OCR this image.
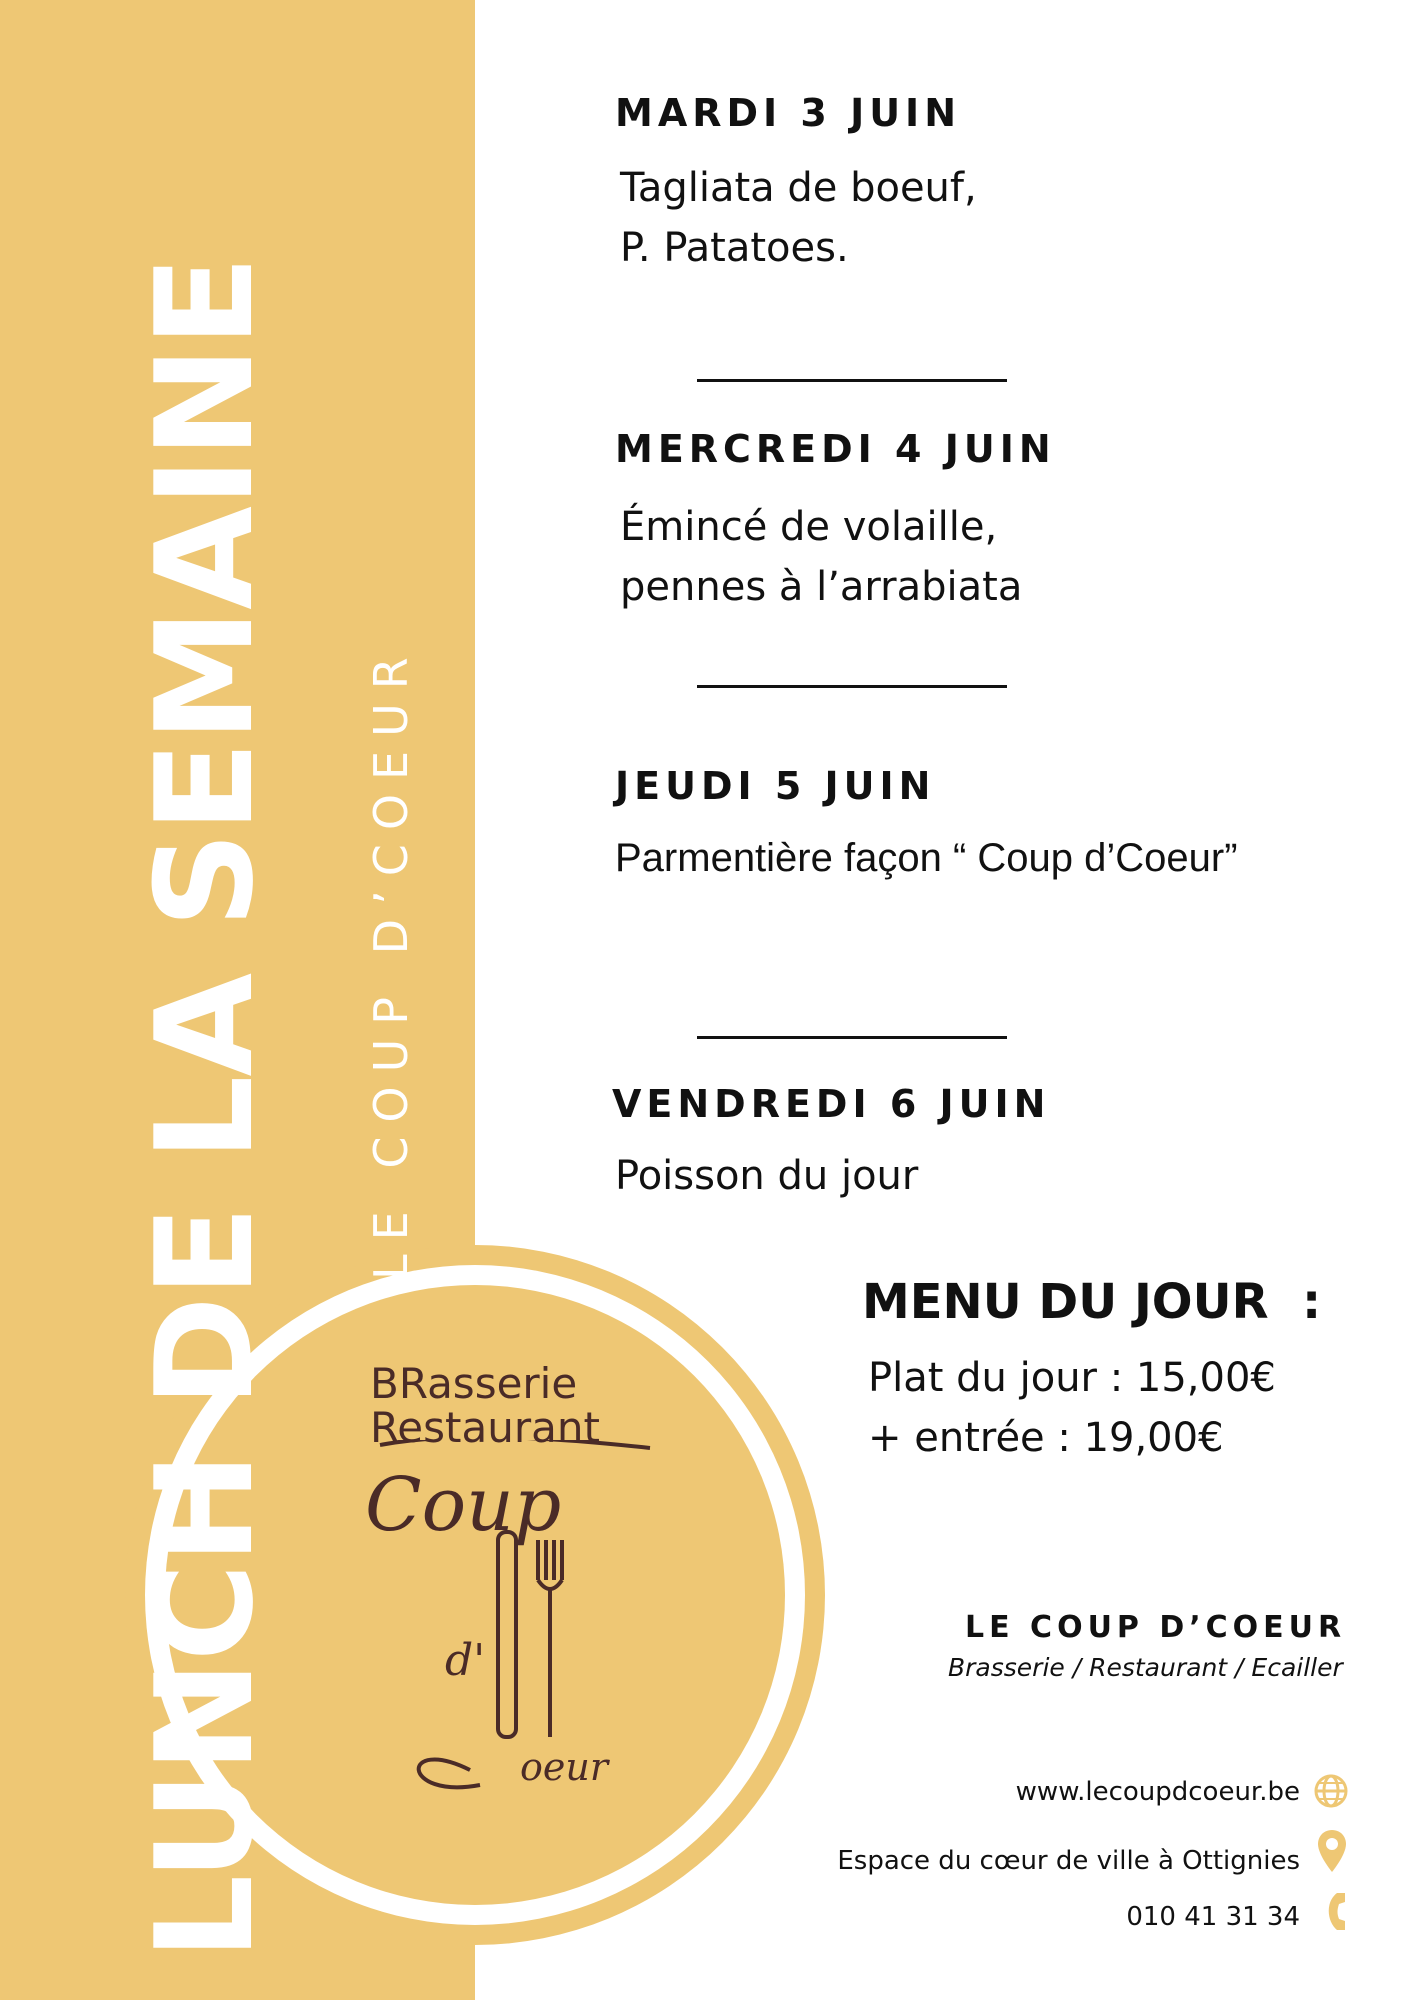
LUNCH DE LA SEMAINE LE COUP D’COEUR
MARDI 3 JUIN
Tagliata de boeuf,
P. Patatoes.
MERCREDI 4 JUIN
Émincé de volaille,
pennes à l’arrabiata
JEUDI 5 JUIN
Parmentière façon “ Coup d’Coeur”
VENDREDI 6 JUIN
Poisson du jour
MENU DU JOUR  :
Plat du jour : 15,00€
+ entrée : 19,00€
BRasserie
Restaurant
Coup
d'
oeur
LE COUP D’COEUR
Brasserie / Restaurant / Ecailler
www.lecoupdcoeur.be
Espace du cœur de ville à Ottignies
010 41 31 34
